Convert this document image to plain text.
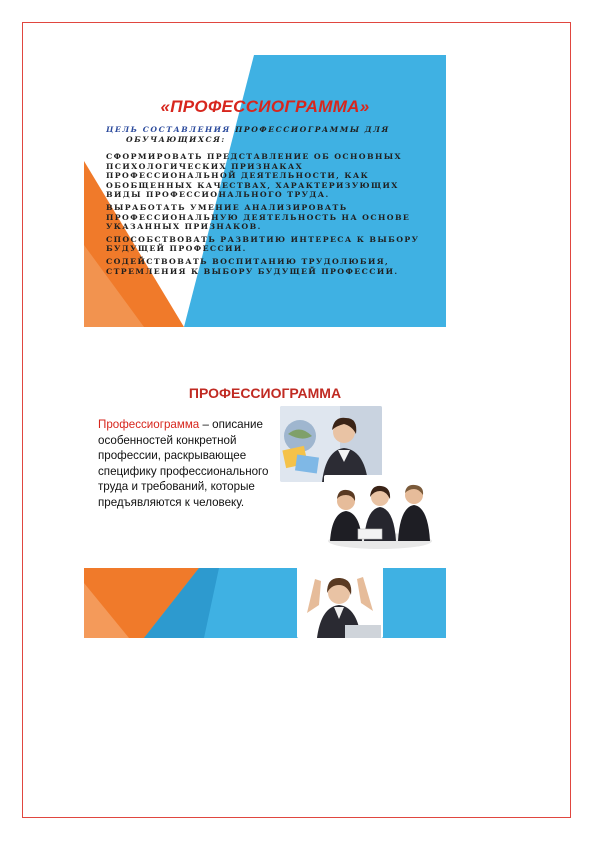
«ПРОФЕССИОГРАММА»
ЦЕЛЬ СОСТАВЛЕНИЯ ПРОФЕССИОГРАММЫ ДЛЯ
ОБУЧАЮЩИХСЯ:
СФОРМИРОВАТЬ ПРЕДСТАВЛЕНИЕ ОБ ОСНОВНЫХ ПСИХОЛОГИЧЕСКИХ ПРИЗНАКАХ ПРОФЕССИОНАЛЬНОЙ ДЕЯТЕЛЬНОСТИ, КАК ОБОБЩЕННЫХ КАЧЕСТВАХ, ХАРАКТЕРИЗУЮЩИХ ВИДЫ ПРОФЕССИОНАЛЬНОГО ТРУДА.
ВЫРАБОТАТЬ УМЕНИЕ АНАЛИЗИРОВАТЬ ПРОФЕССИОНАЛЬНУЮ ДЕЯТЕЛЬНОСТЬ НА ОСНОВЕ УКАЗАННЫХ ПРИЗНАКОВ.
СПОСОБСТВОВАТЬ РАЗВИТИЮ ИНТЕРЕСА К ВЫБОРУ БУДУЩЕЙ ПРОФЕССИИ.
СОДЕЙСТВОВАТЬ ВОСПИТАНИЮ ТРУДОЛЮБИЯ, СТРЕМЛЕНИЯ К ВЫБОРУ БУДУЩЕЙ ПРОФЕССИИ.
ПРОФЕССИОГРАММА
Профессиограмма – описание особенностей конкретной профессии, раскрывающее специфику профессионального труда и требований, которые предъявляются к человеку.
